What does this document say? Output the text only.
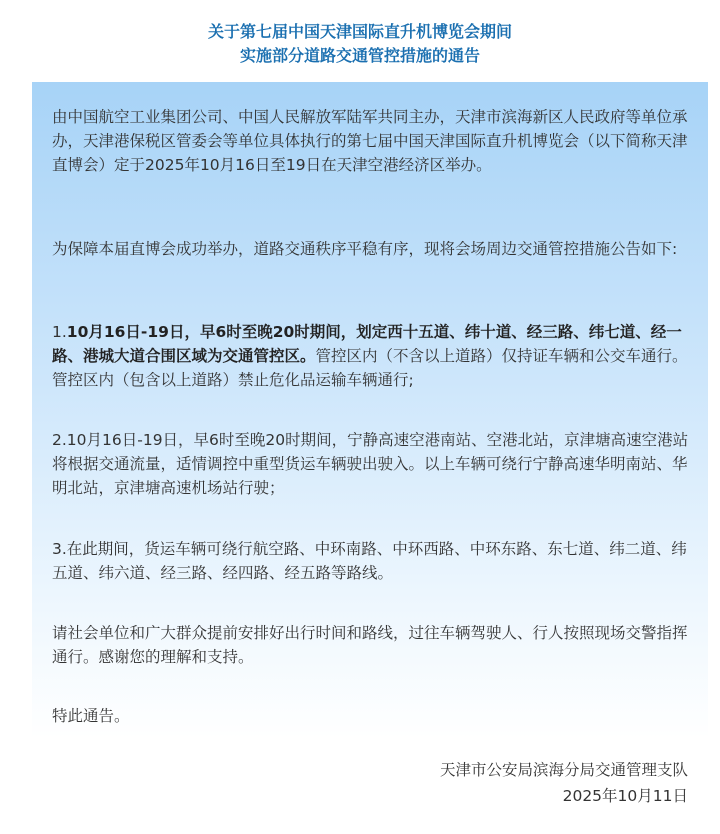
关于第七届中国天津国际直升机博览会期间
实施部分道路交通管控措施的通告

由中国航空工业集团公司、中国人民解放军陆军共同主办，天津市滨海新区人民政府等单位承办，天津港保税区管委会等单位具体执行的第七届中国天津国际直升机博览会（以下简称天津直博会）定于2025年10月16日至19日在天津空港经济区举办。

为保障本届直博会成功举办，道路交通秩序平稳有序，现将会场周边交通管控措施公告如下:

1.10月16日-19日，早6时至晚20时期间，划定西十五道、纬十道、经三路、纬七道、经一路、港城大道合围区域为交通管控区。管控区内（不含以上道路）仅持证车辆和公交车通行。管控区内（包含以上道路）禁止危化品运输车辆通行;

2.10月16日-19日，早6时至晚20时期间，宁静高速空港南站、空港北站，京津塘高速空港站将根据交通流量，适情调控中重型货运车辆驶出驶入。以上车辆可绕行宁静高速华明南站、华明北站，京津塘高速机场站行驶；

3.在此期间，货运车辆可绕行航空路、中环南路、中环西路、中环东路、东七道、纬二道、纬五道、纬六道、经三路、经四路、经五路等路线。

请社会单位和广大群众提前安排好出行时间和路线，过往车辆驾驶人、行人按照现场交警指挥通行。感谢您的理解和支持。

特此通告。

天津市公安局滨海分局交通管理支队
2025年10月11日
